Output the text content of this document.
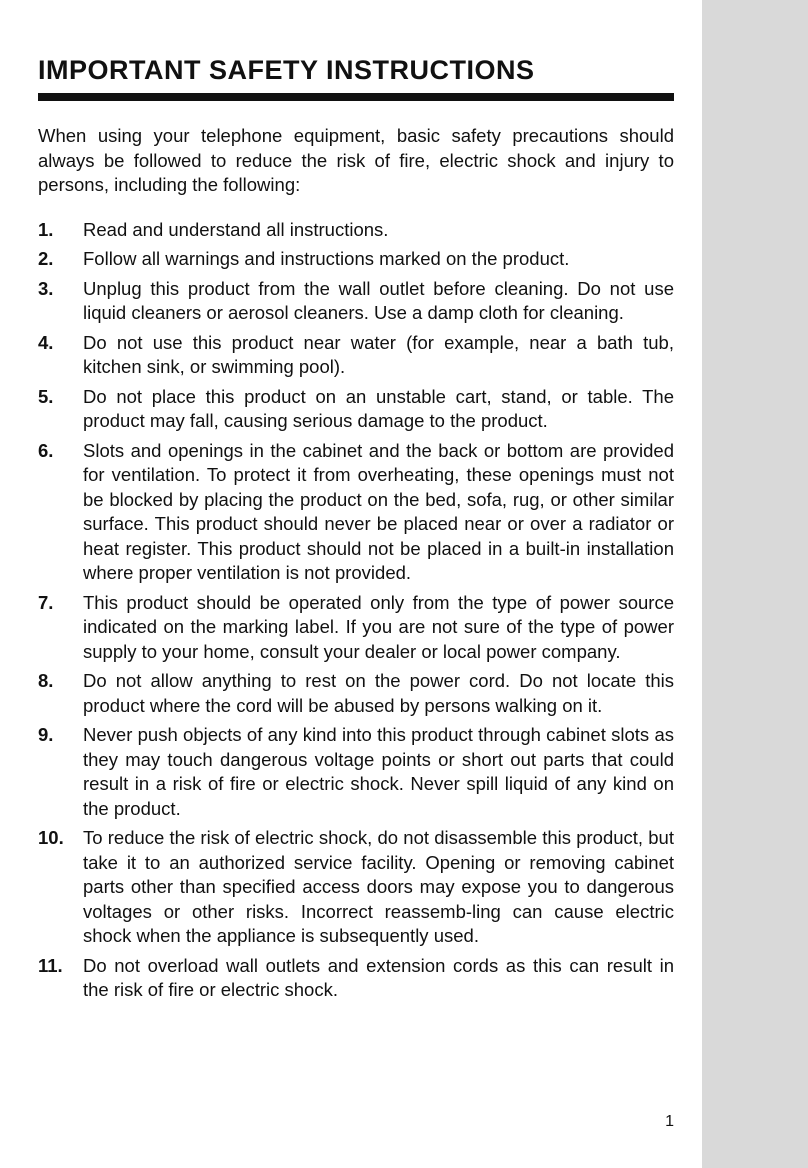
IMPORTANT SAFETY INSTRUCTIONS

When using your telephone equipment, basic safety precautions should always be followed to reduce the risk of fire, electric shock and injury to persons, including the following:

1.	Read and understand all instructions.
2.	Follow all warnings and instructions marked on the product.
3.	Unplug this product from the wall outlet before cleaning. Do not use liquid cleaners or aerosol cleaners. Use a damp cloth for cleaning.
4.	Do not use this product near water (for example, near a bath tub, kitchen sink, or swimming pool).
5.	Do not place this product on an unstable cart, stand, or table. The product may fall, causing serious damage to the product.
6.	Slots and openings in the cabinet and the back or bottom are provided for ventilation. To protect it from overheating, these openings must not be blocked by placing the product on the bed, sofa, rug, or other similar surface. This product should never be placed near or over a radiator or heat register. This product should not be placed in a built-in installation where proper ventilation is not provided.
7.	This product should be operated only from the type of power source indicated on the marking label. If you are not sure of the type of power supply to your home, consult your dealer or local power company.
8.	Do not allow anything to rest on the power cord. Do not locate this product where the cord will be abused by persons walking on it.
9.	Never push objects of any kind into this product through cabinet slots as they may touch dangerous voltage points or short out parts that could result in a risk of fire or electric shock. Never spill liquid of any kind on the product.
10.	To reduce the risk of electric shock, do not disassemble this product, but take it to an authorized service facility. Opening or removing cabinet parts other than specified access doors may expose you to dangerous voltages or other risks. Incorrect reassemb-ling can cause electric shock when the appliance is subsequently used.
11.	Do not overload wall outlets and extension cords as this can result in the risk of fire or electric shock.
1
